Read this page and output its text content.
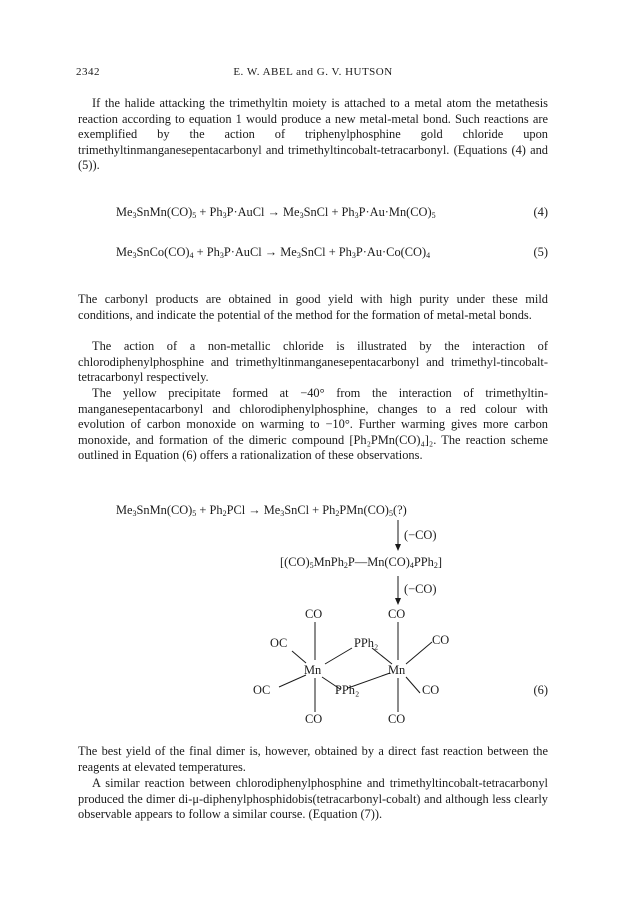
2342	E. W. ABEL and G. V. HUTSON

If the halide attacking the trimethyltin moiety is attached to a metal atom the metathesis reaction according to equation 1 would produce a new metal-metal bond. Such reactions are exemplified by the action of triphenylphosphine gold chloride upon trimethyltinmanganesepentacarbonyl and trimethyltincobalt-tetracarbonyl. (Equations (4) and (5)).

$Me_3SnMn(CO)_5$ + $Ph_3P\cdot AuCl$ → $Me_3SnCl + Ph_3P\cdot Au\cdot Mn(CO)_5$	(4)
$Me_3SnCo(CO)_4$ + $Ph_3P\cdot AuCl$ → $Me_3SnCl + Ph_3P\cdot Au\cdot Co(CO)_4$	(5)

The carbonyl products are obtained in good yield with high purity under these mild conditions, and indicate the potential of the method for the formation of metal-metal bonds.

The action of a non-metallic chloride is illustrated by the interaction of chlorodiphenylphosphine and trimethyltinmanganesepentacarbonyl and trimethyl-tincobalt-tetracarbonyl respectively.

The yellow precipitate formed at −40° from the interaction of trimethyltin-manganesepentacarbonyl and chlorodiphenylphosphine, changes to a red colour with evolution of carbon monoxide on warming to −10°. Further warming gives more carbon monoxide, and formation of the dimeric compound [Ph₂PMn(CO)₄]₂. The reaction scheme outlined in Equation (6) offers a rationalization of these observations.

$Me_3SnMn(CO)_5 + Ph_2PCl$ → $Me_3SnCl$ + $Ph_2PMn(CO)_5(?)$
(−CO)
$[(CO)_5MnPh_2P—Mn(CO)_4PPh_2]$
(−CO)
CO	CO
OC	PPh₂	CO
Mn	Mn
OC	PPh₂	CO
CO	CO
(6)

The best yield of the final dimer is, however, obtained by a direct fast reaction between the reagents at elevated temperatures.

A similar reaction between chlorodiphenylphosphine and trimethyltincobalt-tetracarbonyl produced the dimer di-μ-diphenylphosphidobis(tetracarbonyl-cobalt) and although less clearly observable appears to follow a similar course. (Equation (7)).
